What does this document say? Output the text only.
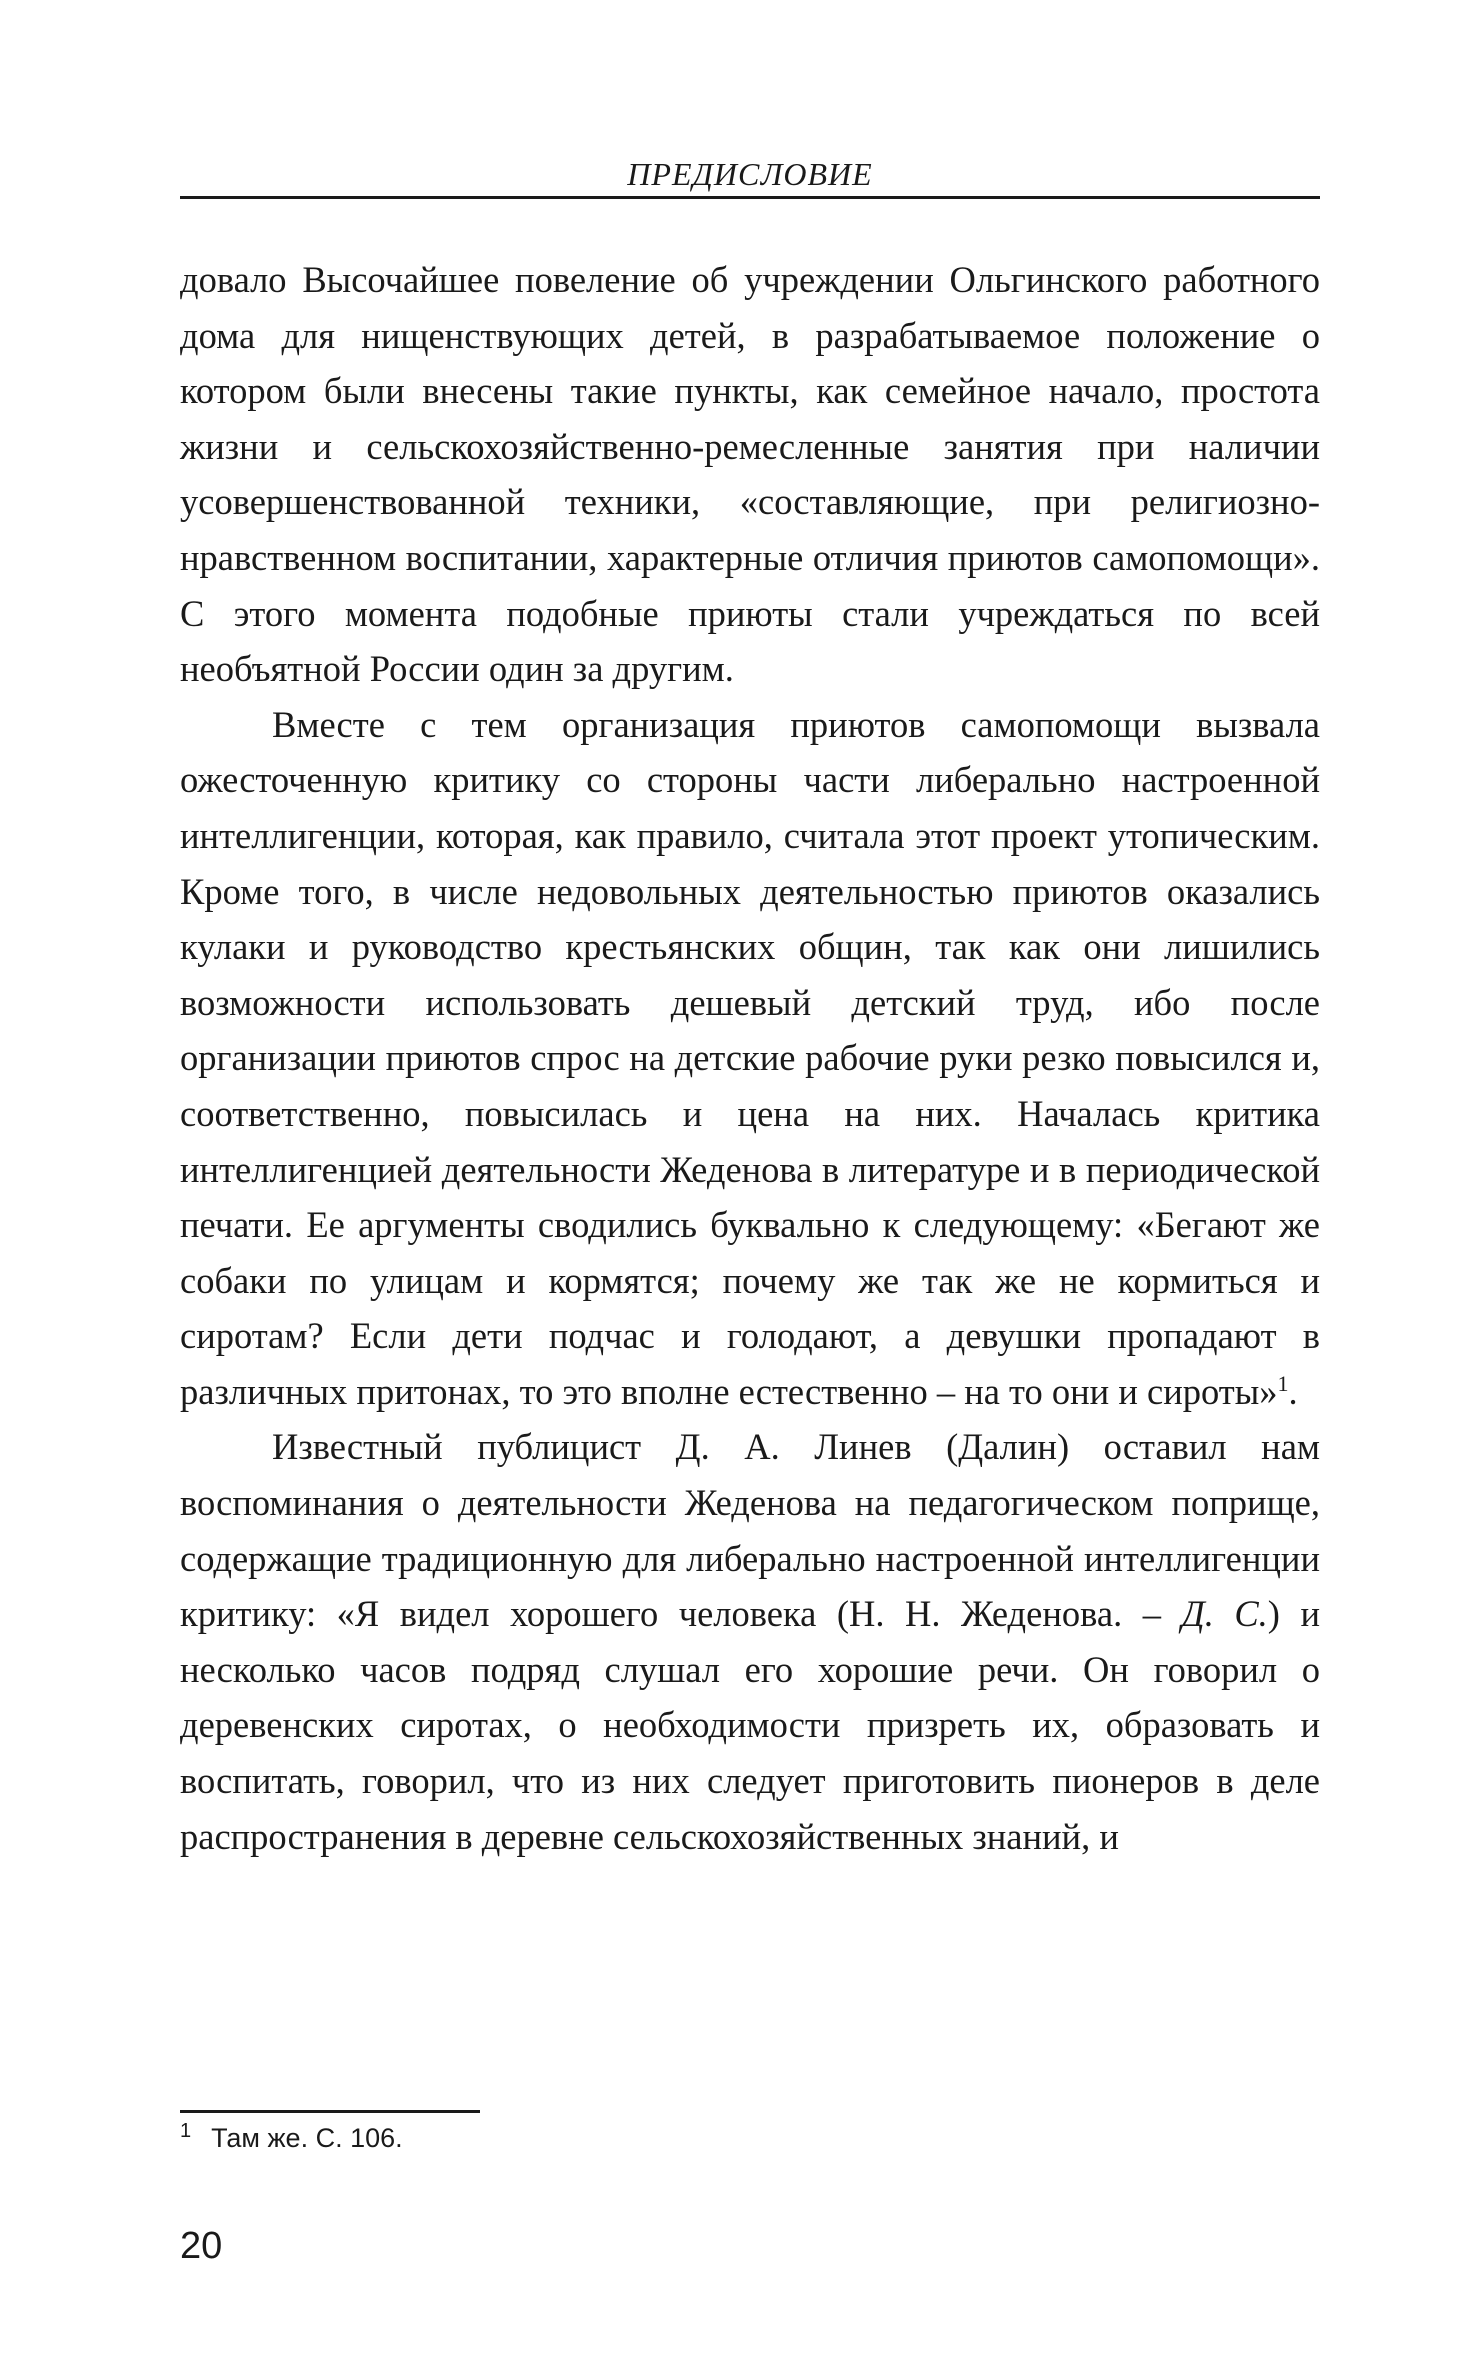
ПРЕДИСЛОВИЕ

довало Высочайшее повеление об учреждении Ольгинского работного дома для нищенствующих детей, в разрабатываемое положение о котором были внесены такие пункты, как семейное начало, простота жизни и сельскохозяйственно-ремесленные занятия при наличии усовершенствованной техники, «составляющие, при религиозно-нравственном воспитании, характерные отличия приютов самопомощи». С этого момента подобные приюты стали учреждаться по всей необъятной России один за другим.

Вместе с тем организация приютов самопомощи вызвала ожесточенную критику со стороны части либерально настроенной интеллигенции, которая, как правило, считала этот проект утопическим. Кроме того, в числе недовольных деятельностью приютов оказались кулаки и руководство крестьянских общин, так как они лишились возможности использовать дешевый детский труд, ибо после организации приютов спрос на детские рабочие руки резко повысился и, соответственно, повысилась и цена на них. Началась критика интеллигенцией деятельности Жеденова в литературе и в периодической печати. Ее аргументы сводились буквально к следующему: «Бегают же собаки по улицам и кормятся; почему же так же не кормиться и сиротам? Если дети подчас и голодают, а девушки пропадают в различных притонах, то это вполне естественно – на то они и сироты»$^1$.

Известный публицист Д. А. Линев (Далин) оставил нам воспоминания о деятельности Жеденова на педагогическом поприще, содержащие традиционную для либерально настроенной интеллигенции критику: «Я видел хорошего человека (Н. Н. Жеденова. – Д. С.) и несколько часов подряд слушал его хорошие речи. Он говорил о деревенских сиротах, о необходимости призреть их, образовать и воспитать, говорил, что из них следует приготовить пионеров в деле распространения в деревне сельскохозяйственных знаний, и

$^1$ Там же. С. 106.
20
